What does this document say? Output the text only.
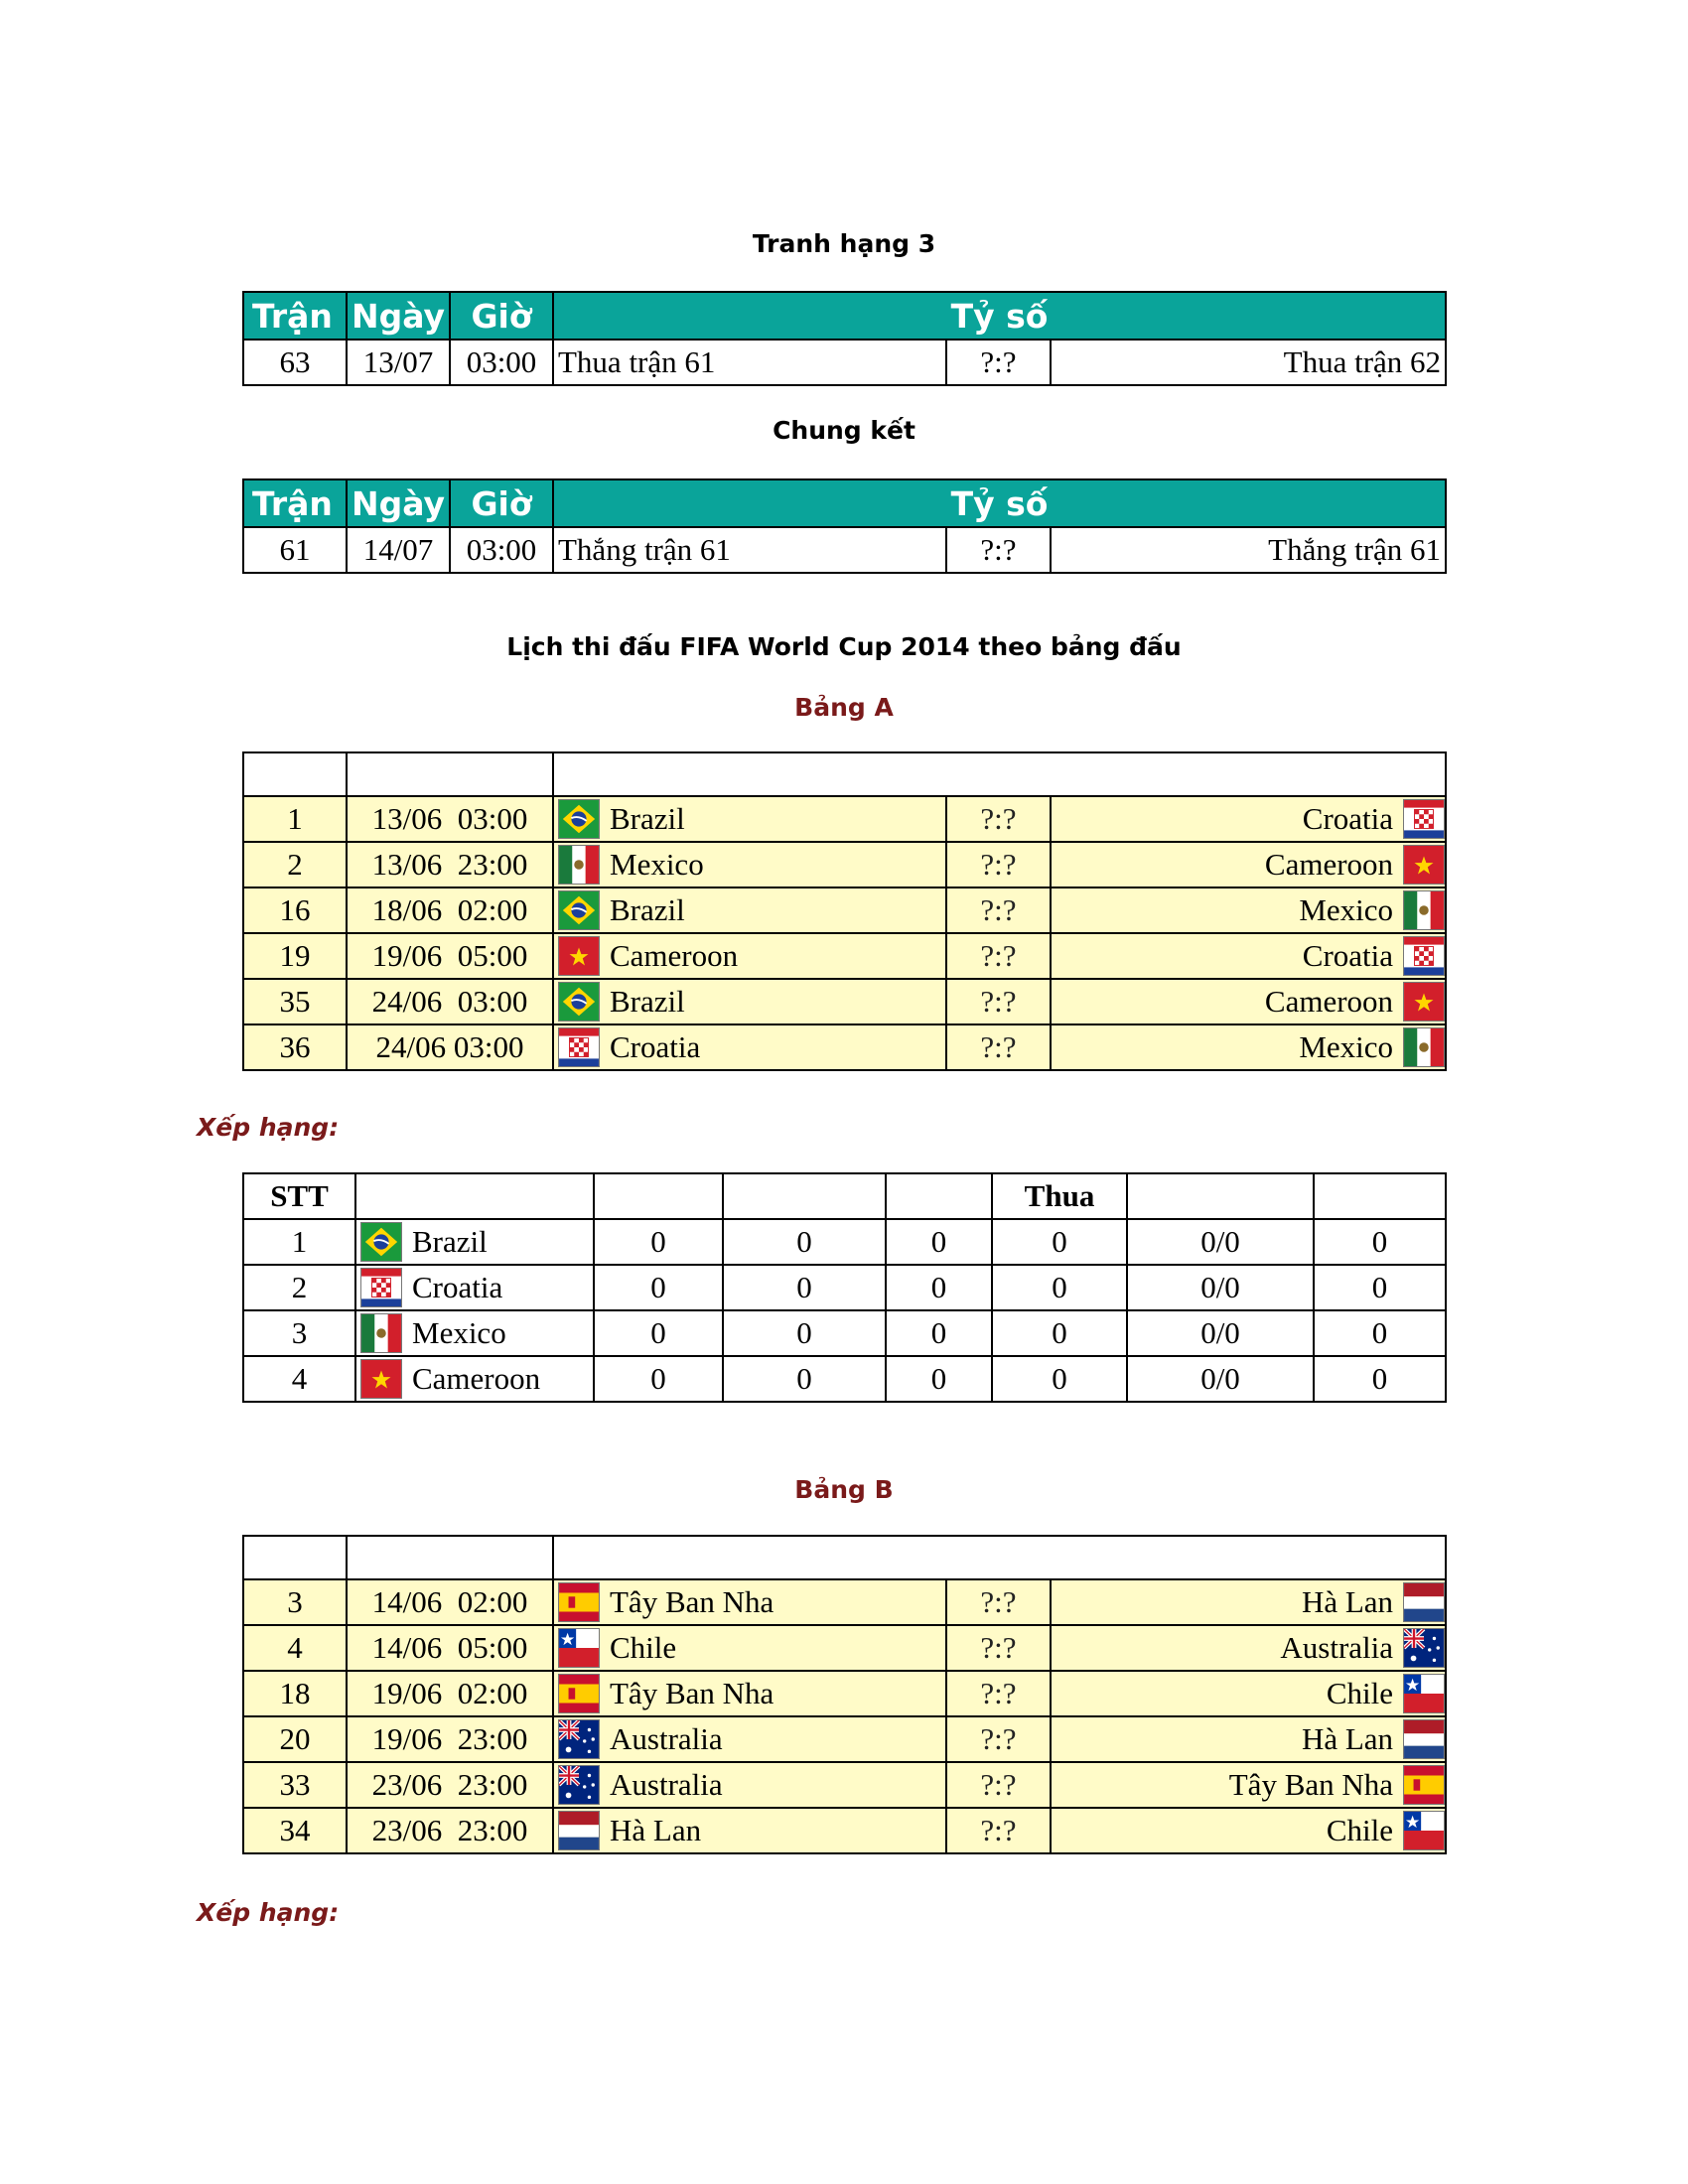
Tranh hạng 3
Trận	Ngày	Giờ	Tỷ số		
63	13/07	03:00	Thua trận 61	?:?	Thua trận 62
Chung kết
Trận	Ngày	Giờ	Tỷ số		
61	14/07	03:00	Thắng trận 61	?:?	Thắng trận 61
Lịch thi đấu FIFA World Cup 2014 theo bảng đấu
Bảng A

1	13/06  03:00	Brazil	?:?	Croatia

2	13/06  23:00	Mexico	?:?	Cameroon

16	18/06  02:00	Brazil	?:?	Mexico

19	19/06  05:00	Cameroon	?:?	Croatia

35	24/06  03:00	Brazil	?:?	Cameroon

36	24/06 03:00	Croatia	?:?	Mexico
Xếp hạng:
STT					Thua		
1	Brazil	0	0	0	0	0/0	0
2	Croatia	0	0	0	0	0/0	0
3	Mexico	0	0	0	0	0/0	0
4	Cameroon	0	0	0	0	0/0	0
Bảng B

3	14/06  02:00	Tây Ban Nha	?:?	Hà Lan

4	14/06  05:00	Chile	?:?	Australia

18	19/06  02:00	Tây Ban Nha	?:?	Chile

20	19/06  23:00	Australia	?:?	Hà Lan

33	23/06  23:00	Australia	?:?	Tây Ban Nha

34	23/06  23:00	Hà Lan	?:?	Chile
Xếp hạng:
